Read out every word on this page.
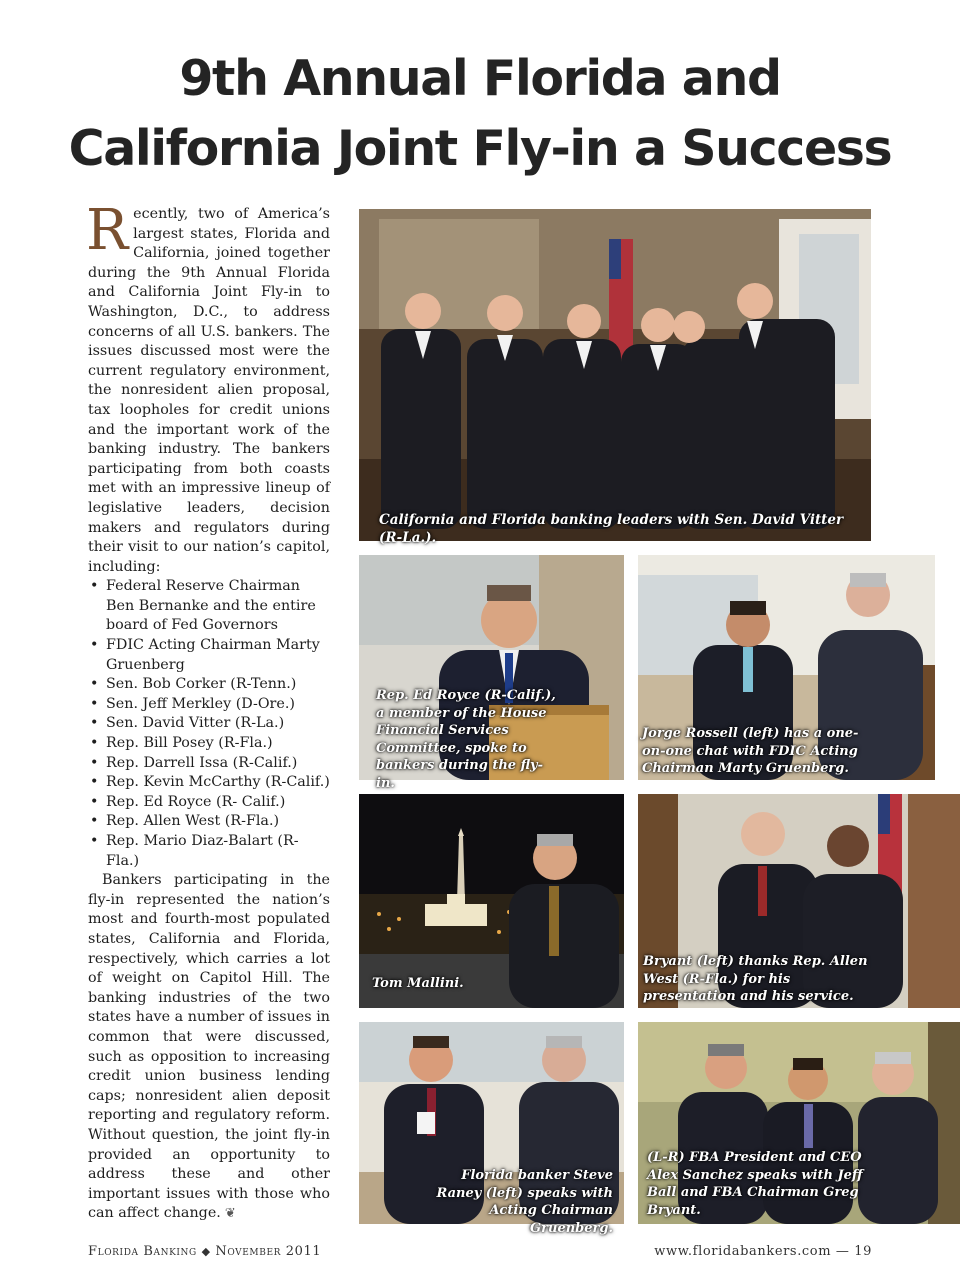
9th Annual Florida and
California Joint Fly-in a Success

Recently, two of America’s largest states, Florida and California, joined together during the 9th Annual Florida and California Joint Fly-in to Washington, D.C., to address concerns of all U.S. bankers. The issues discussed most were the current regulatory environment, the nonresident alien proposal, tax loopholes for credit unions and the important work of the banking industry. The bankers participating from both coasts met with an impressive lineup of legislative leaders, decision makers and regulators during their visit to our nation’s capitol, including:

• Federal Reserve Chairman Ben Bernanke and the entire board of Fed Governors
• FDIC Acting Chairman Marty Gruenberg
• Sen. Bob Corker (R-Tenn.)
• Sen. Jeff Merkley (D-Ore.)
• Sen. David Vitter (R-La.)
• Rep. Bill Posey (R-Fla.)
• Rep. Darrell Issa (R-Calif.)
• Rep. Kevin McCarthy (R-Calif.)
• Rep. Ed Royce (R- Calif.)
• Rep. Allen West (R-Fla.)
• Rep. Mario Diaz-Balart (R-Fla.)

Bankers participating in the fly-in represented the nation’s most and fourth-most populated states, California and Florida, respectively, which carries a lot of weight on Capitol Hill. The banking industries of the two states have a number of issues in common that were discussed, such as opposition to increasing credit union business lending caps; nonresident alien deposit reporting and regulatory reform. Without question, the joint fly-in provided an opportunity to address these and other important issues with those who can affect change. ❦

California and Florida banking leaders with Sen. David Vitter (R-La.).
Rep. Ed Royce (R-Calif.), a member of the House Financial Services Committee, spoke to bankers during the fly-in.
Jorge Rossell (left) has a one-on-one chat with FDIC Acting Chairman Marty Gruenberg.
Tom Mallini.
Bryant (left) thanks Rep. Allen West (R-Fla.) for his presentation and his service.
Florida banker Steve Raney (left) speaks with Acting Chairman Gruenberg.
(L-R) FBA President and CEO Alex Sanchez speaks with Jeff Ball and FBA Chairman Greg Bryant.
Florida Banking ◆ November 2011	www.floridabankers.com — 19
